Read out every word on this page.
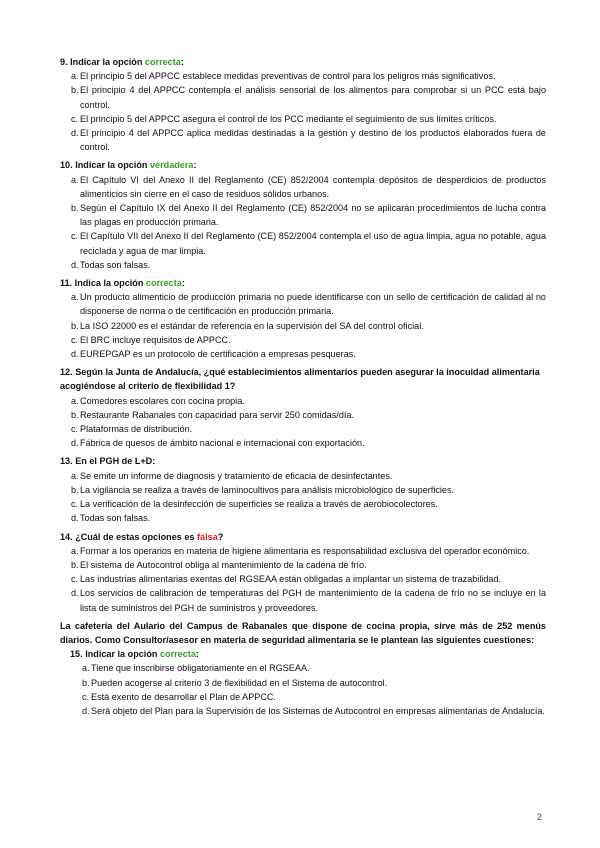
9. Indicar la opción correcta:

a. El principio 5 del APPCC establece medidas preventivas de control para los peligros más significativos.
b. El principio 4 del APPCC contempla el análisis sensorial de los alimentos para comprobar si un PCC está bajo control.
c. El principio 5 del APPCC asegura el control de los PCC mediante el seguimiento de sus límites críticos.
d. El principio 4 del APPCC aplica medidas destinadas a la gestión y destino de los productos elaborados fuera de control.

10. Indicar la opción verdadera:

a. El Capítulo VI del Anexo II del Reglamento (CE) 852/2004 contempla depósitos de desperdicios de productos alimenticios sin cierre en el caso de residuos sólidos urbanos.
b. Según el Capítulo IX del Anexo II del Reglamento (CE) 852/2004 no se aplicarán procedimientos de lucha contra las plagas en producción primaria.
c. El Capítulo VII del Anexo II del Reglamento (CE) 852/2004 contempla el uso de agua limpia, agua no potable, agua reciclada y agua de mar limpia.
d. Todas son falsas.

11. Indica la opción correcta:

a. Un producto alimenticio de producción primaria no puede identificarse con un sello de certificación de calidad al no disponerse de norma o de certificación en producción primaria.
b. La ISO 22000 es el estándar de referencia en la supervisión del SA del control oficial.
c. El BRC incluye requisitos de APPCC.
d. EUREPGAP es un protocolo de certificación a empresas pesqueras.

12. Según la Junta de Andalucía, ¿qué establecimientos alimentarios pueden asegurar la inocuidad alimentaria acogiéndose al criterio de flexibilidad 1?

a. Comedores escolares con cocina propia.
b. Restaurante Rabanales con capacidad para servir 250 comidas/día.
c. Plataformas de distribución.
d. Fábrica de quesos de ámbito nacional e internacional con exportación.

13. En el PGH de L+D:

a. Se emite un informe de diagnosis y tratamiento de eficacia de desinfectantes.
b. La vigilancia se realiza a través de laminocultivos para análisis microbiológico de superficies.
c. La verificación de la desinfección de superficies se realiza a través de aerobiocolectores.
d. Todas son falsas.

14. ¿Cuál de estas opciones es falsa?

a. Formar a los operarios en materia de higiene alimentaria es responsabilidad exclusiva del operador económico.
b. El sistema de Autocontrol obliga al mantenimiento de la cadena de frío.
c. Las industrias alimentarias exentas del RGSEAA están obligadas a implantar un sistema de trazabilidad.
d. Los servicios de calibración de temperaturas del PGH de mantenimiento de la cadena de frío no se incluye en la lista de suministros del PGH de suministros y proveedores.

La cafetería del Aulario del Campus de Rabanales que dispone de cocina propia, sirve más de 252 menús diarios. Como Consultor/asesor en materia de seguridad alimentaria se le plantean las siguientes cuestiones:

15. Indicar la opción correcta:

a. Tiene que inscribirse obligatoriamente en el RGSEAA.
b. Pueden acogerse al criterio 3 de flexibilidad en el Sistema de autocontrol.
c. Está exento de desarrollar el Plan de APPCC.
d. Será objeto del Plan para la Supervisión de los Sistemas de Autocontrol en empresas alimentarias de Andalucía.
2
